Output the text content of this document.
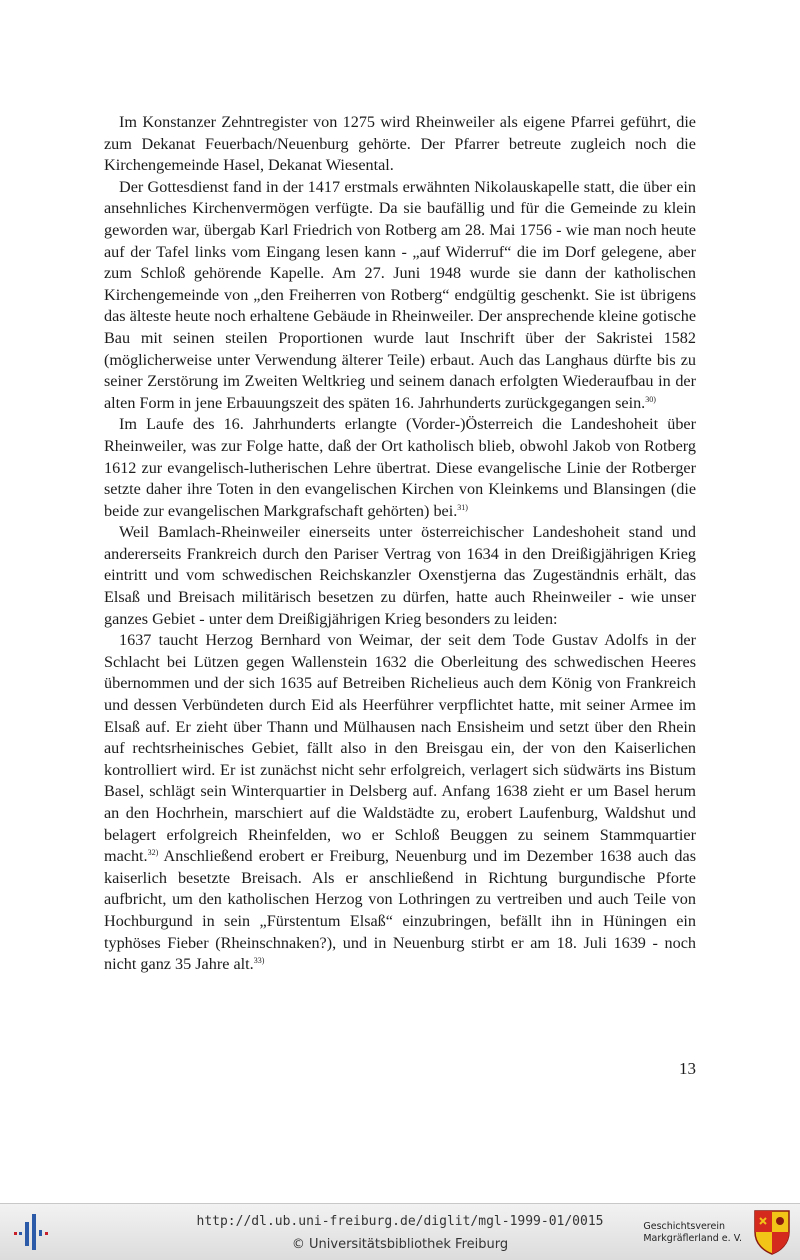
Im Konstanzer Zehntregister von 1275 wird Rheinweiler als eigene Pfarrei geführt, die zum Dekanat Feuerbach/Neuenburg gehörte. Der Pfarrer betreute zugleich noch die Kirchengemeinde Hasel, Dekanat Wiesental.

Der Gottesdienst fand in der 1417 erstmals erwähnten Nikolauskapelle statt, die über ein ansehnliches Kirchenvermögen verfügte. Da sie baufällig und für die Gemeinde zu klein geworden war, übergab Karl Friedrich von Rotberg am 28. Mai 1756 - wie man noch heute auf der Tafel links vom Eingang lesen kann - „auf Widerruf“ die im Dorf gelegene, aber zum Schloß gehörende Kapelle. Am 27. Juni 1948 wurde sie dann der katholischen Kirchengemeinde von „den Freiherren von Rotberg“ endgültig geschenkt. Sie ist übrigens das älteste heute noch erhaltene Gebäude in Rheinweiler. Der ansprechende kleine gotische Bau mit seinen steilen Proportionen wurde laut Inschrift über der Sakristei 1582 (möglicherweise unter Verwendung älterer Teile) erbaut. Auch das Langhaus dürfte bis zu seiner Zerstörung im Zweiten Weltkrieg und seinem danach erfolgten Wiederaufbau in der alten Form in jene Erbauungszeit des späten 16. Jahrhunderts zurückgegangen sein.$^{30)}$

Im Laufe des 16. Jahrhunderts erlangte (Vorder-)Österreich die Landeshoheit über Rheinweiler, was zur Folge hatte, daß der Ort katholisch blieb, obwohl Jakob von Rotberg 1612 zur evangelisch-lutherischen Lehre übertrat. Diese evangelische Linie der Rotberger setzte daher ihre Toten in den evangelischen Kirchen von Kleinkems und Blansingen (die beide zur evangelischen Markgrafschaft gehörten) bei.$^{31)}$

Weil Bamlach-Rheinweiler einerseits unter österreichischer Landeshoheit stand und andererseits Frankreich durch den Pariser Vertrag von 1634 in den Dreißigjährigen Krieg eintritt und vom schwedischen Reichskanzler Oxenstjerna das Zugeständnis erhält, das Elsaß und Breisach militärisch besetzen zu dürfen, hatte auch Rheinweiler - wie unser ganzes Gebiet - unter dem Dreißigjährigen Krieg besonders zu leiden:

1637 taucht Herzog Bernhard von Weimar, der seit dem Tode Gustav Adolfs in der Schlacht bei Lützen gegen Wallenstein 1632 die Oberleitung des schwedischen Heeres übernommen und der sich 1635 auf Betreiben Richelieus auch dem König von Frankreich und dessen Verbündeten durch Eid als Heerführer verpflichtet hatte, mit seiner Armee im Elsaß auf. Er zieht über Thann und Mülhausen nach Ensisheim und setzt über den Rhein auf rechtsrheinisches Gebiet, fällt also in den Breisgau ein, der von den Kaiserlichen kontrolliert wird. Er ist zunächst nicht sehr erfolgreich, verlagert sich südwärts ins Bistum Basel, schlägt sein Winterquartier in Delsberg auf. Anfang 1638 zieht er um Basel herum an den Hochrhein, marschiert auf die Waldstädte zu, erobert Laufenburg, Waldshut und belagert erfolgreich Rheinfelden, wo er Schloß Beuggen zu seinem Stammquartier macht.$^{32)}$ Anschließend erobert er Freiburg, Neuenburg und im Dezember 1638 auch das kaiserlich besetzte Breisach. Als er anschließend in Richtung burgundische Pforte aufbricht, um den katholischen Herzog von Lothringen zu vertreiben und auch Teile von Hochburgund in sein „Fürstentum Elsaß“ einzubringen, befällt ihn in Hüningen ein typhöses Fieber (Rheinschnaken?), und in Neuenburg stirbt er am 18. Juli 1639 - noch nicht ganz 35 Jahre alt.$^{33)}$

13
http://dl.ub.uni-freiburg.de/diglit/mgl-1999-01/0015
© Universitätsbibliothek Freiburg
Geschichtsverein
Markgräflerland e. V.
